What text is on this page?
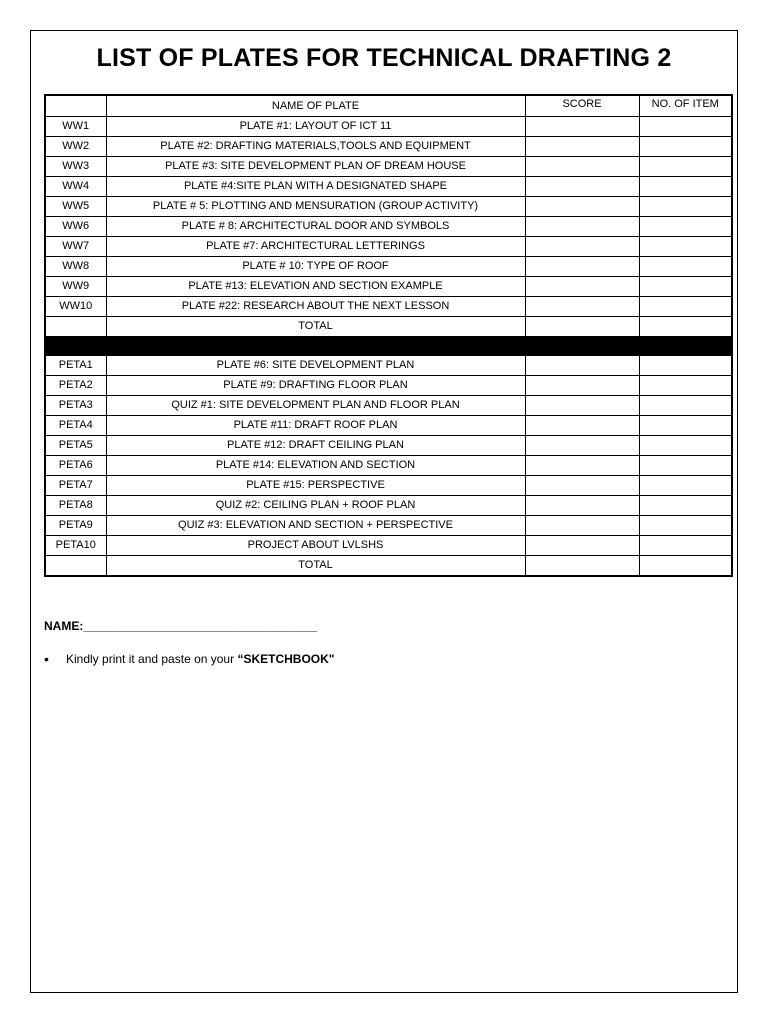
LIST OF PLATES FOR TECHNICAL DRAFTING 2
	NAME OF PLATE	SCORE	NO. OF ITEM
WW1	PLATE #1: LAYOUT OF ICT 11		
WW2	PLATE #2: DRAFTING MATERIALS,TOOLS AND EQUIPMENT		
WW3	PLATE #3: SITE DEVELOPMENT PLAN OF DREAM HOUSE		
WW4	PLATE #4:SITE PLAN WITH A DESIGNATED SHAPE		
WW5	PLATE # 5: PLOTTING AND MENSURATION (GROUP ACTIVITY)		
WW6	PLATE # 8: ARCHITECTURAL DOOR AND SYMBOLS		
WW7	PLATE #7: ARCHITECTURAL LETTERINGS		
WW8	PLATE # 10: TYPE OF ROOF		
WW9	PLATE #13: ELEVATION AND SECTION EXAMPLE		
WW10	PLATE #22: RESEARCH ABOUT THE NEXT LESSON		
	TOTAL		

PETA1	PLATE #6: SITE DEVELOPMENT PLAN		
PETA2	PLATE #9: DRAFTING FLOOR PLAN		
PETA3	QUIZ #1: SITE DEVELOPMENT PLAN AND FLOOR PLAN		
PETA4	PLATE #11: DRAFT ROOF PLAN		
PETA5	PLATE #12: DRAFT CEILING PLAN		
PETA6	PLATE #14: ELEVATION AND SECTION		
PETA7	PLATE #15: PERSPECTIVE		
PETA8	QUIZ #2: CEILING PLAN + ROOF PLAN		
PETA9	QUIZ #3: ELEVATION AND SECTION + PERSPECTIVE		
PETA10	PROJECT ABOUT LVLSHS		
	TOTAL		
NAME:___________________________________
• Kindly print it and paste on your “SKETCHBOOK"
